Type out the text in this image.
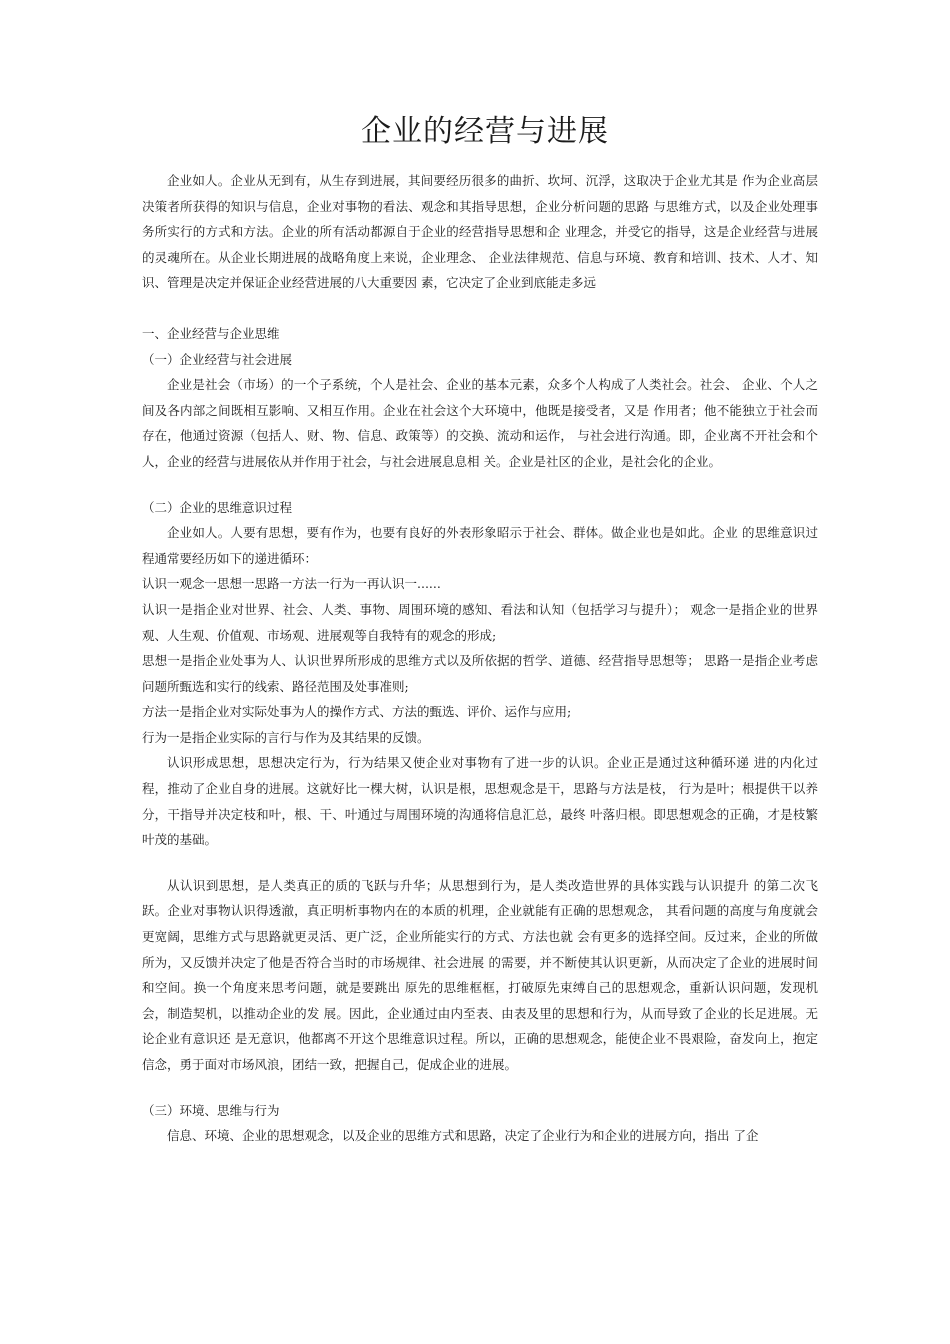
企业的经营与进展

企业如人。企业从无到有，从生存到进展，其间要经历很多的曲折、坎坷、沉浮，这取决于企业尤其是 作为企业高层决策者所获得的知识与信息，企业对事物的看法、观念和其指导思想，企业分析问题的思路 与思维方式，以及企业处理事务所实行的方式和方法。企业的所有活动都源自于企业的经营指导思想和企 业理念，并受它的指导，这是企业经营与进展的灵魂所在。从企业长期进展的战略角度上来说，企业理念、 企业法律规范、信息与环境、教育和培训、技术、人才、知识、管理是决定并保证企业经营进展的八大重要因 素，它决定了企业到底能走多远

一、企业经营与企业思维

（一）企业经营与社会进展

企业是社会（市场）的一个子系统，个人是社会、企业的基本元素，众多个人构成了人类社会。社会、 企业、个人之间及各内部之间既相互影响、又相互作用。企业在社会这个大环境中，他既是接受者，又是 作用者；他不能独立于社会而存在，他通过资源（包括人、财、物、信息、政策等）的交换、流动和运作， 与社会进行沟通。即，企业离不开社会和个人，企业的经营与进展依从并作用于社会，与社会进展息息相 关。企业是社区的企业，是社会化的企业。

（二）企业的思维意识过程

企业如人。人要有思想，要有作为，也要有良好的外表形象昭示于社会、群体。做企业也是如此。企业 的思维意识过程通常要经历如下的递进循环：

认识一观念一思想一思路一方法一行为一再认识一......

认识一是指企业对世界、社会、人类、事物、周围环境的感知、看法和认知（包括学习与提升）； 观念一是指企业的世界观、人生观、价值观、市场观、进展观等自我特有的观念的形成;

思想一是指企业处事为人、认识世界所形成的思维方式以及所依据的哲学、道德、经营指导思想等； 思路一是指企业考虑问题所甄选和实行的线索、路径范围及处事准则;

方法一是指企业对实际处事为人的操作方式、方法的甄选、评价、运作与应用;

行为一是指企业实际的言行与作为及其结果的反馈。

认识形成思想，思想决定行为，行为结果又使企业对事物有了进一步的认识。企业正是通过这种循环递 进的内化过程，推动了企业自身的进展。这就好比一棵大树，认识是根，思想观念是干，思路与方法是枝， 行为是叶；根提供干以养分，干指导并决定枝和叶，根、干、叶通过与周围环境的沟通将信息汇总，最终 叶落归根。即思想观念的正确，才是枝繁叶茂的基础。

从认识到思想，是人类真正的质的飞跃与升华；从思想到行为，是人类改造世界的具体实践与认识提升 的第二次飞跃。企业对事物认识得透澈，真正明析事物内在的本质的机理，企业就能有正确的思想观念， 其看问题的高度与角度就会更宽阔，思维方式与思路就更灵活、更广泛，企业所能实行的方式、方法也就 会有更多的选择空间。反过来，企业的所做所为，又反馈并决定了他是否符合当时的市场规律、社会进展 的需要，并不断使其认识更新，从而决定了企业的进展时间和空间。换一个角度来思考问题，就是要跳出 原先的思维框框，打破原先束缚自己的思想观念，重新认识问题，发现机会，制造契机，以推动企业的发 展。因此，企业通过由内至表、由表及里的思想和行为，从而导致了企业的长足进展。无论企业有意识还 是无意识，他都离不开这个思维意识过程。所以，正确的思想观念，能使企业不畏艰险，奋发向上，抱定 信念，勇于面对市场风浪，团结一致，把握自己，促成企业的进展。

（三）环境、思维与行为

信息、环境、企业的思想观念，以及企业的思维方式和思路，决定了企业行为和企业的进展方向，指出 了企
